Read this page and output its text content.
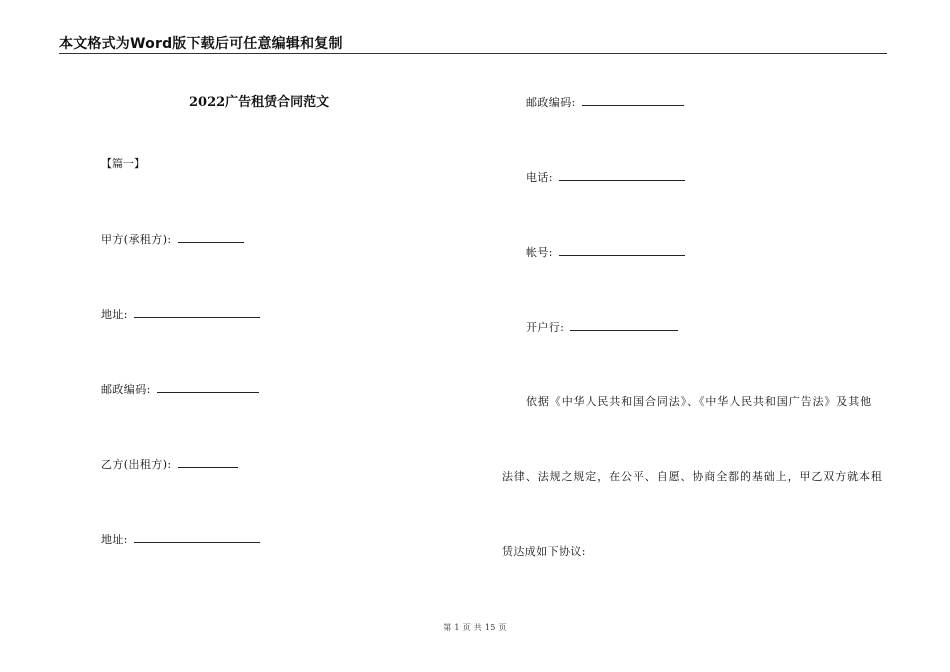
本文格式为Word版下载后可任意编辑和复制
2022广告租赁合同范文
【篇一】
甲方(承租方):
地址:
邮政编码:
乙方(出租方):
地址:
邮政编码:
电话:
帐号:
开户行:
依据《中华人民共和国合同法》、《中华人民共和国广告法》及其他
法律、法规之规定，在公平、自愿、协商全都的基础上，甲乙双方就本租
赁达成如下协议:
第 1 页 共 15 页
